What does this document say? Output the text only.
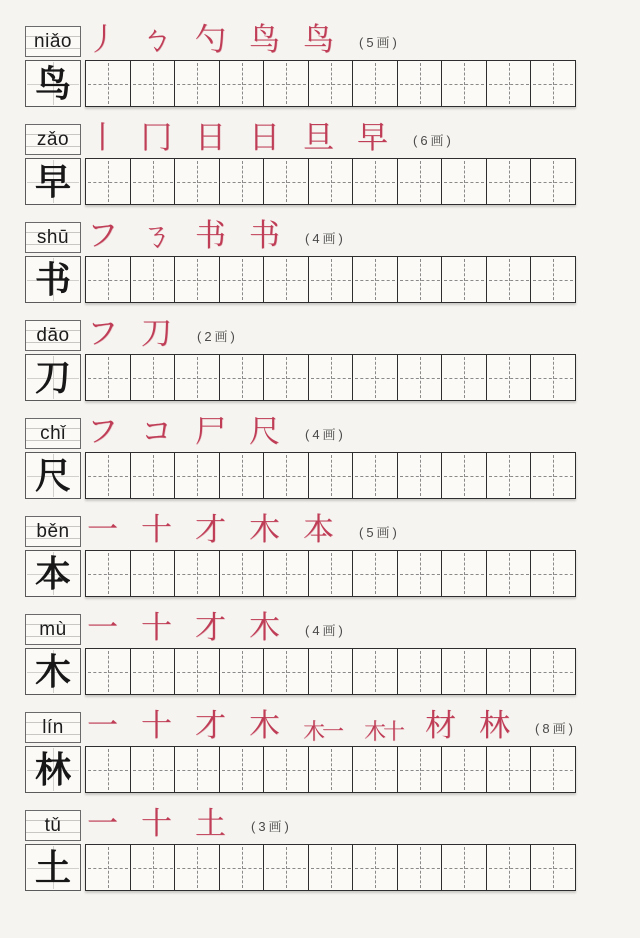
niǎo 丿 ㄅ 勺 鸟 鸟 (5画)
鸟
zǎo 丨 冂 日 日 旦 早 (6画)
早
shū フ ㄋ 书 书 (4画)
书
dāo フ 刀 (2画)
刀
chǐ フ コ 尸 尺 (4画)
尺
běn 一 十 才 木 本 (5画)
本
mù 一 十 才 木 (4画)
木
lín 一 十 才 木 木一 木十 材 林 (8画)
林
tǔ 一 十 土 (3画)
土
